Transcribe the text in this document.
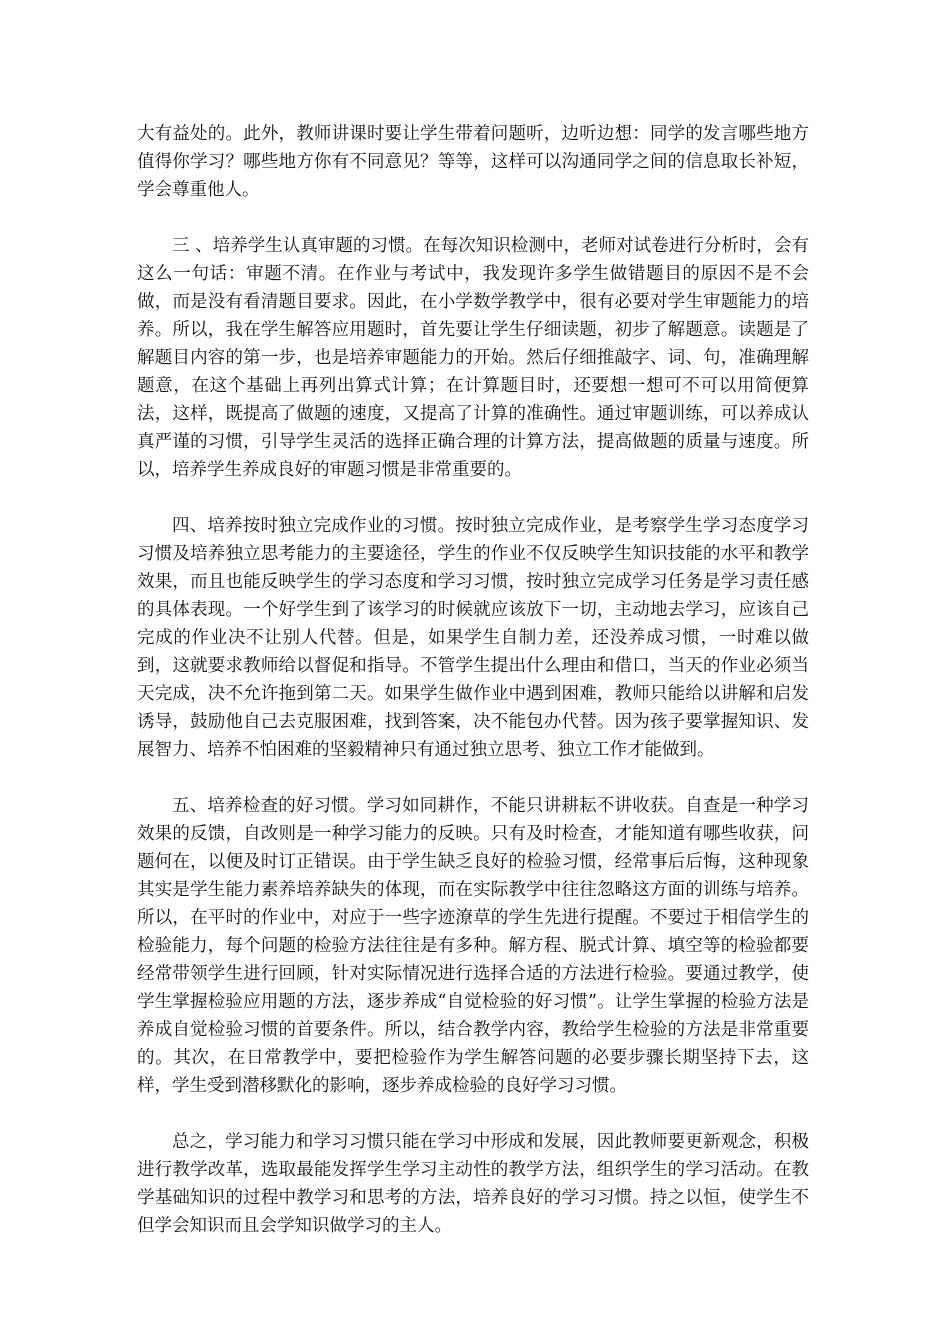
大有益处的。此外，教师讲课时要让学生带着问题听，边听边想：同学的发言哪些地方值得你学习？哪些地方你有不同意见？等等，这样可以沟通同学之间的信息取长补短，学会尊重他人。

三 、培养学生认真审题的习惯。在每次知识检测中，老师对试卷进行分析时，会有这么一句话：审题不清。在作业与考试中，我发现许多学生做错题目的原因不是不会做，而是没有看清题目要求。因此，在小学数学教学中，很有必要对学生审题能力的培养。所以，我在学生解答应用题时，首先要让学生仔细读题，初步了解题意。读题是了解题目内容的第一步，也是培养审题能力的开始。然后仔细推敲字、词、句，准确理解题意，在这个基础上再列出算式计算；在计算题目时，还要想一想可不可以用简便算法，这样，既提高了做题的速度，又提高了计算的准确性。通过审题训练，可以养成认真严谨的习惯，引导学生灵活的选择正确合理的计算方法，提高做题的质量与速度。所以，培养学生养成良好的审题习惯是非常重要的。

四、培养按时独立完成作业的习惯。按时独立完成作业，是考察学生学习态度学习习惯及培养独立思考能力的主要途径，学生的作业不仅反映学生知识技能的水平和教学效果，而且也能反映学生的学习态度和学习习惯，按时独立完成学习任务是学习责任感的具体表现。一个好学生到了该学习的时候就应该放下一切，主动地去学习，应该自己完成的作业决不让别人代替。但是，如果学生自制力差，还没养成习惯，一时难以做到，这就要求教师给以督促和指导。不管学生提出什么理由和借口，当天的作业必须当天完成，决不允许拖到第二天。如果学生做作业中遇到困难，教师只能给以讲解和启发诱导，鼓励他自己去克服困难，找到答案，决不能包办代替。因为孩子要掌握知识、发展智力、培养不怕困难的坚毅精神只有通过独立思考、独立工作才能做到。

五、培养检查的好习惯。学习如同耕作，不能只讲耕耘不讲收获。自查是一种学习效果的反馈，自改则是一种学习能力的反映。只有及时检查，才能知道有哪些收获，问题何在，以便及时订正错误。由于学生缺乏良好的检验习惯，经常事后后悔，这种现象其实是学生能力素养培养缺失的体现，而在实际教学中往往忽略这方面的训练与培养。所以，在平时的作业中，对应于一些字迹潦草的学生先进行提醒。不要过于相信学生的检验能力，每个问题的检验方法往往是有多种。解方程、脱式计算、填空等的检验都要经常带领学生进行回顾，针对实际情况进行选择合适的方法进行检验。要通过教学，使学生掌握检验应用题的方法，逐步养成“自觉检验的好习惯”。让学生掌握的检验方法是养成自觉检验习惯的首要条件。所以，结合教学内容，教给学生检验的方法是非常重要的。其次，在日常教学中，要把检验作为学生解答问题的必要步骤长期坚持下去，这样，学生受到潜移默化的影响，逐步养成检验的良好学习习惯。

总之，学习能力和学习习惯只能在学习中形成和发展，因此教师要更新观念，积极进行教学改革，选取最能发挥学生学习主动性的教学方法，组织学生的学习活动。在教学基础知识的过程中教学习和思考的方法，培养良好的学习习惯。持之以恒，使学生不但学会知识而且会学知识做学习的主人。
